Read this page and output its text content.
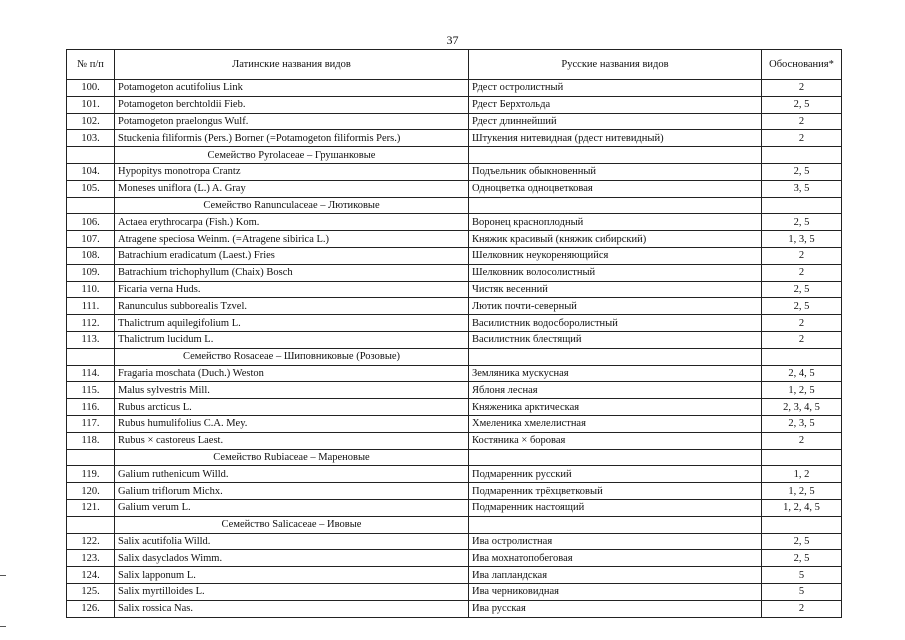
37
№ п/п	Латинские названия видов	Русские названия видов	Обоснования*
100.	Potamogeton acutifolius Link	Рдест остролистный	2
101.	Potamogeton berchtoldii Fieb.	Рдест Берхтольда	2, 5
102.	Potamogeton praelongus Wulf.	Рдест длиннейший	2
103.	Stuckenia filiformis (Pers.) Borner (=Potamogeton filiformis Pers.)	Штукения нитевидная (рдест нитевидный)	2
	Семейство Pyrolaceae – Грушанковые		
104.	Hypopitys monotropa Crantz	Подъельник обыкновенный	2, 5
105.	Moneses uniflora (L.) A. Gray	Одноцветка одноцветковая	3, 5
	Семейство Ranunculaceae – Лютиковые		
106.	Actaea erythrocarpa (Fish.) Kom.	Воронец красноплодный	2, 5
107.	Atragene speciosa Weinm. (=Atragene sibirica L.)	Княжик красивый (княжик сибирский)	1, 3, 5
108.	Batrachium eradicatum (Laest.) Fries	Шелковник неукореняющийся	2
109.	Batrachium trichophyllum (Chaix) Bosch	Шелковник волосолистный	2
110.	Ficaria verna Huds.	Чистяк весенний	2, 5
111.	Ranunculus subborealis Tzvel.	Лютик почти-северный	2, 5
112.	Thalictrum aquilegifolium L.	Василистник водосборолистный	2
113.	Thalictrum lucidum L.	Василистник блестящий	2
	Семейство Rosaceae – Шиповниковые (Розовые)		
114.	Fragaria moschata (Duch.) Weston	Земляника мускусная	2, 4, 5
115.	Malus sylvestris Mill.	Яблоня лесная	1, 2, 5
116.	Rubus arcticus L.	Княженика арктическая	2, 3, 4, 5
117.	Rubus humulifolius C.A. Mey.	Хмеленика хмелелистная	2, 3, 5
118.	Rubus × castoreus Laest.	Костяника × боровая	2
	Семейство Rubiaceae – Мареновые		
119.	Galium ruthenicum Willd.	Подмаренник русский	1, 2
120.	Galium triflorum Michx.	Подмаренник трёхцветковый	1, 2, 5
121.	Galium verum L.	Подмаренник настоящий	1, 2, 4, 5
	Семейство Salicaceae – Ивовые		
122.	Salix acutifolia Willd.	Ива остролистная	2, 5
123.	Salix dasyclados Wimm.	Ива мохнатопобеговая	2, 5
124.	Salix lapponum L.	Ива лапландская	5
125.	Salix myrtilloides L.	Ива черниковидная	5
126.	Salix rossica Nas.	Ива русская	2
